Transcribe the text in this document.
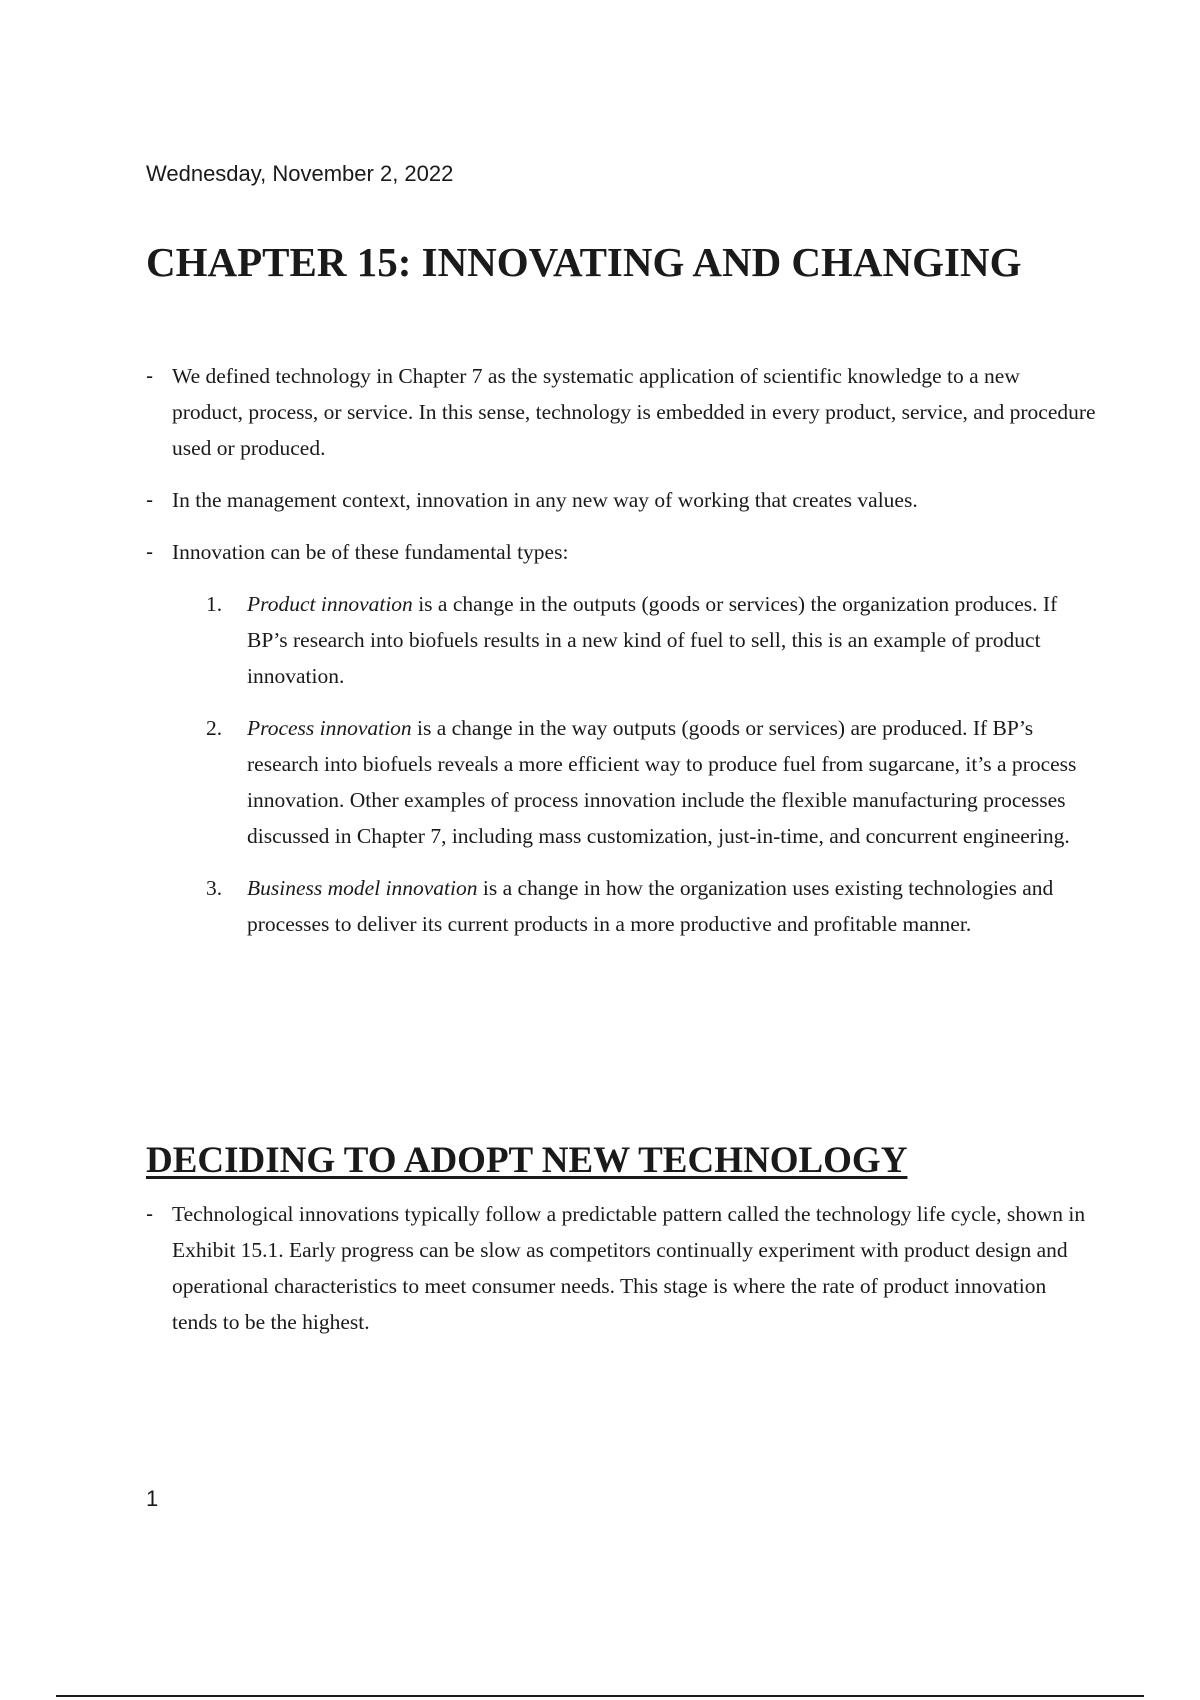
Wednesday, November 2, 2022
CHAPTER 15: INNOVATING AND CHANGING
- We defined technology in Chapter 7 as the systematic application of scientific knowledge to a new product, process, or service. In this sense, technology is embedded in every product, service, and procedure used or produced.
- In the management context, innovation in any new way of working that creates values.
- Innovation can be of these fundamental types:
1. Product innovation is a change in the outputs (goods or services) the organization produces. If BP’s research into biofuels results in a new kind of fuel to sell, this is an example of product innovation.
2. Process innovation is a change in the way outputs (goods or services) are produced. If BP’s research into biofuels reveals a more efficient way to produce fuel from sugarcane, it’s a process innovation. Other examples of process innovation include the flexible manufacturing processes discussed in Chapter 7, including mass customization, just-in-time, and concurrent engineering.
3. Business model innovation is a change in how the organization uses existing technologies and processes to deliver its current products in a more productive and profitable manner.
DECIDING TO ADOPT NEW TECHNOLOGY
- Technological innovations typically follow a predictable pattern called the technology life cycle, shown in Exhibit 15.1. Early progress can be slow as competitors continually experiment with product design and operational characteristics to meet consumer needs. This stage is where the rate of product innovation tends to be the highest.
1
